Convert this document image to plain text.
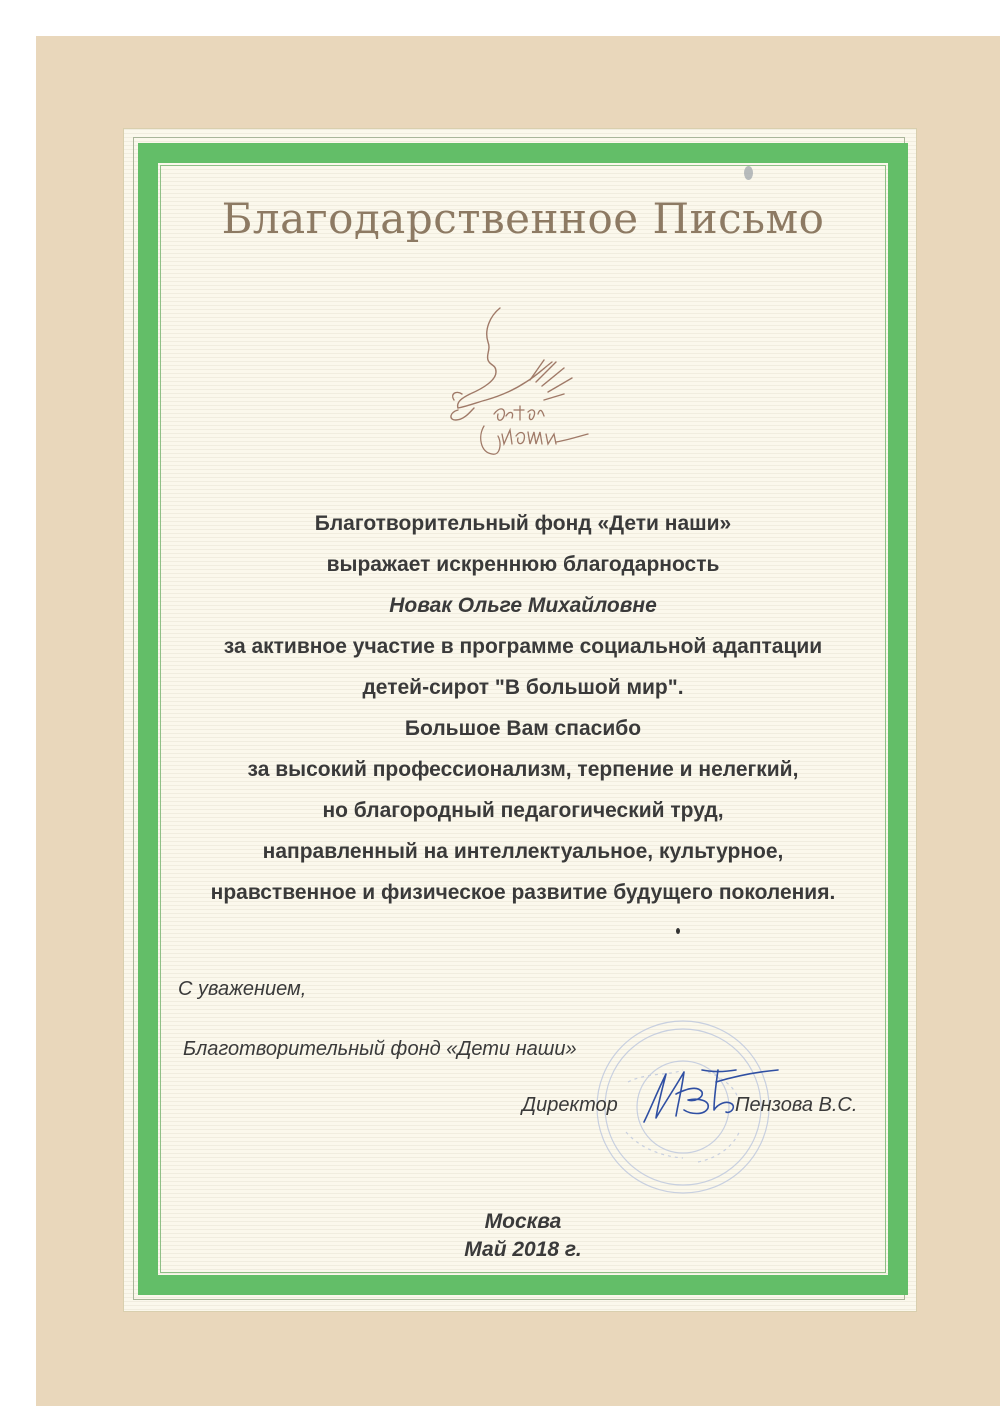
Благодарственное Письмо
Благотворительный фонд «Дети наши»
выражает искреннюю благодарность
Новак Ольге Михайловне
за активное участие в программе социальной адаптации
детей-сирот "В большой мир".
Большое Вам спасибо
за высокий профессионализм, терпение и нелегкий,
но благородный педагогический труд,
направленный на интеллектуальное, культурное,
нравственное и физическое развитие будущего поколения.
С уважением,
Благотворительный фонд «Дети наши»
Директор	Пензова В.С.
Москва
Май 2018 г.
